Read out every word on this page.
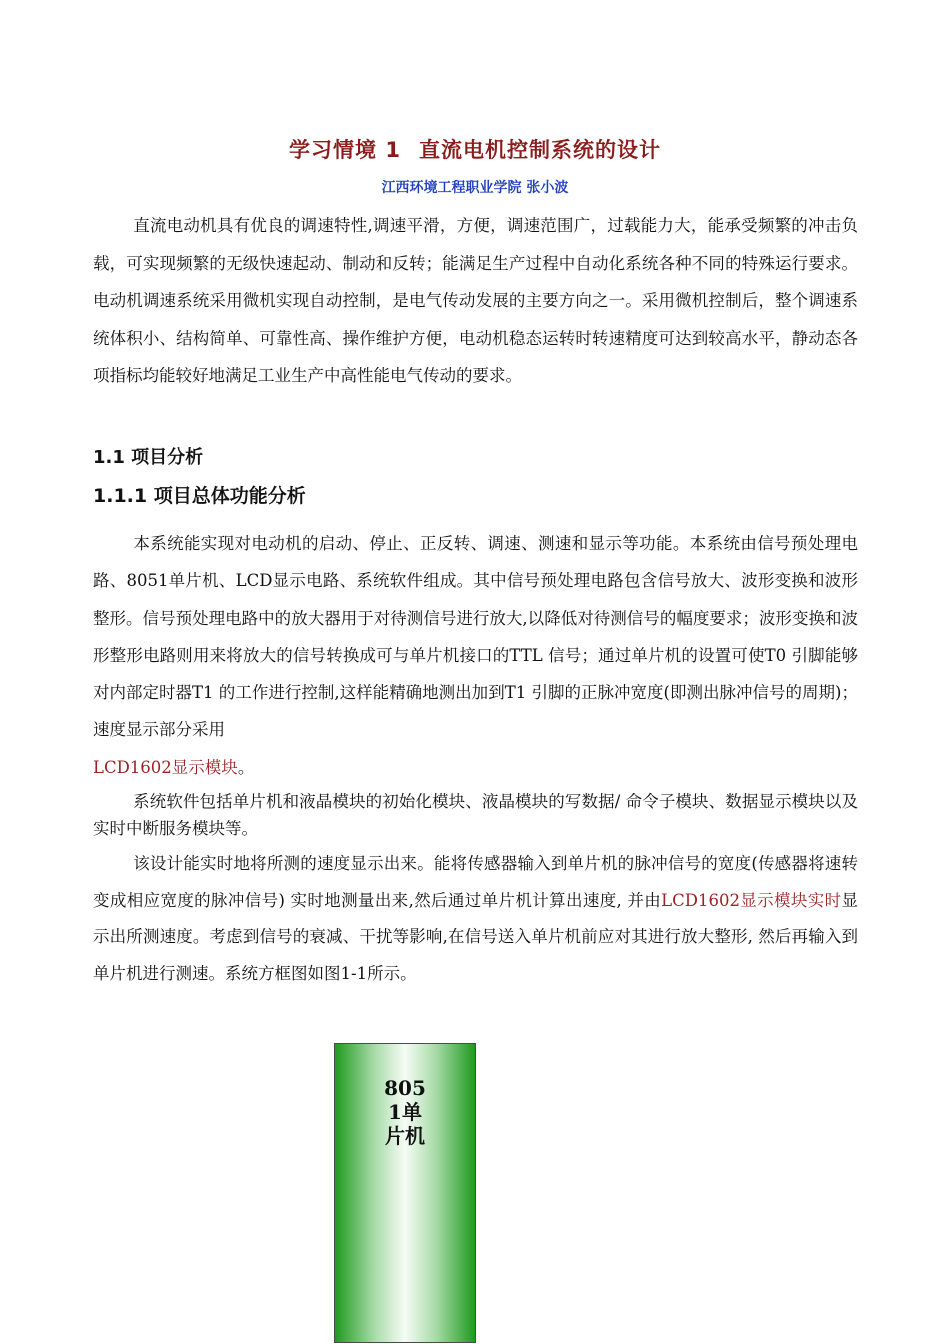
学习情境 1 直流电机控制系统的设计
江西环境工程职业学院 张小波

直流电动机具有优良的调速特性,调速平滑，方便，调速范围广，过载能力大，能承受频繁的冲击负载，可实现频繁的无级快速起动、制动和反转；能满足生产过程中自动化系统各种不同的特殊运行要求。电动机调速系统采用微机实现自动控制，是电气传动发展的主要方向之一。采用微机控制后，整个调速系统体积小、结构简单、可靠性高、操作维护方便，电动机稳态运转时转速精度可达到较高水平，静动态各项指标均能较好地满足工业生产中高性能电气传动的要求。

1.1 项目分析
1.1.1 项目总体功能分析

本系统能实现对电动机的启动、停止、正反转、调速、测速和显示等功能。本系统由信号预处理电路、8051单片机、LCD显示电路、系统软件组成。其中信号预处理电路包含信号放大、波形变换和波形整形。信号预处理电路中的放大器用于对待测信号进行放大,以降低对待测信号的幅度要求；波形变换和波形整形电路则用来将放大的信号转换成可与单片机接口的TTL 信号；通过单片机的设置可使T0 引脚能够对内部定时器T1 的工作进行控制,这样能精确地测出加到T1 引脚的正脉冲宽度(即测出脉冲信号的周期)；速度显示部分采用
LCD1602显示模块。

系统软件包括单片机和液晶模块的初始化模块、液晶模块的写数据/ 命令子模块、数据显示模块以及实时中断服务模块等。

该设计能实时地将所测的速度显示出来。能将传感器输入到单片机的脉冲信号的宽度(传感器将速转变成相应宽度的脉冲信号) 实时地测量出来,然后通过单片机计算出速度, 并由LCD1602显示模块实时显示出所测速度。考虑到信号的衰减、干扰等影响,在信号送入单片机前应对其进行放大整形, 然后再输入到单片机进行测速。系统方框图如图1-1所示。

8051单片机
